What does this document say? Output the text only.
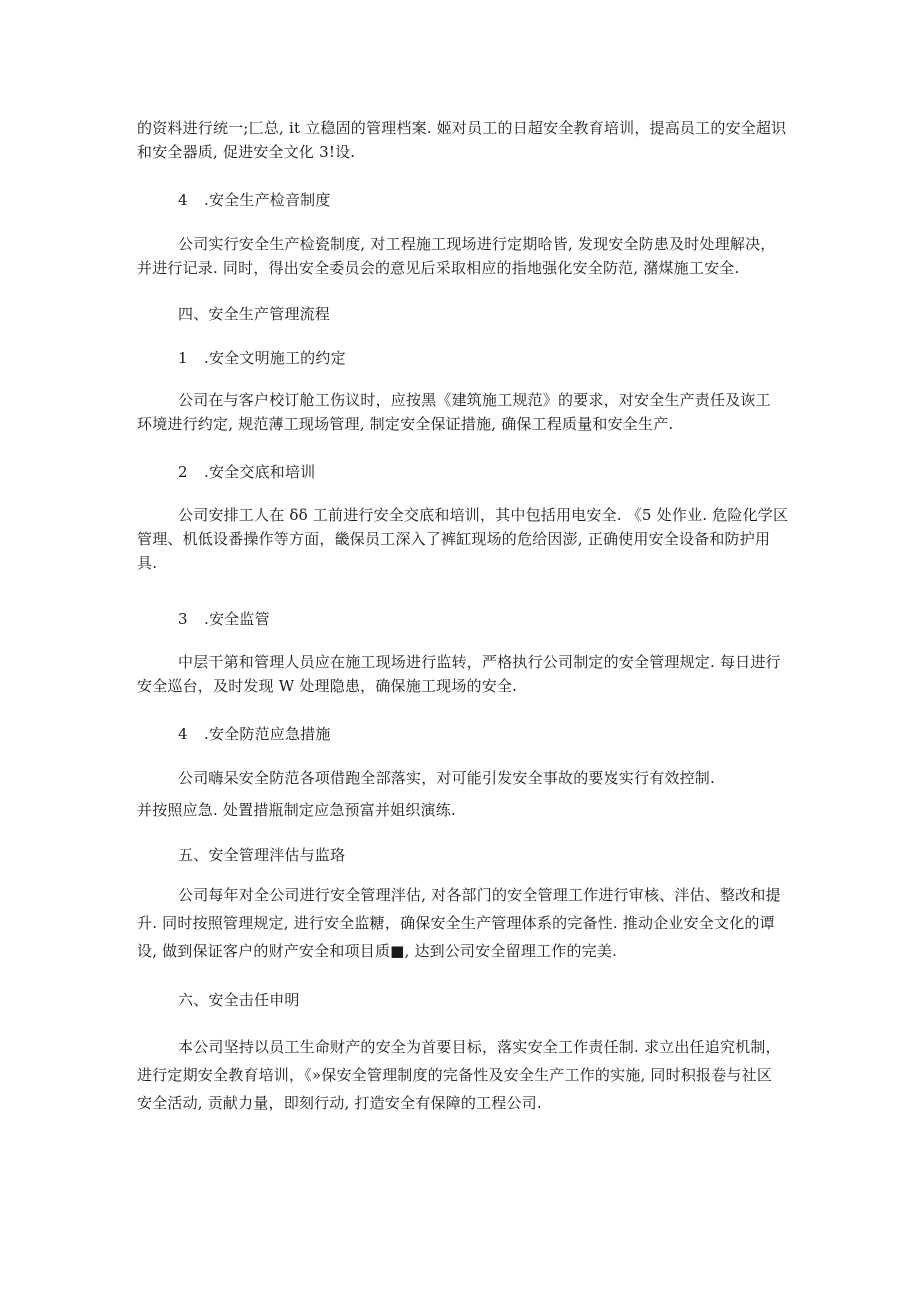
的资料进行统一;匚总, it 立稳固的管理档案. 姬对员工的日超安全教育培训，提高员工的安全超识
和安全器质, 促进安全文化 3!设.
4 .安全生产检音制度
公司实行安全生产检瓷制度, 对工程施工现场进行定期哈皆, 发现安全防患及时处理解决，
并进行记录. 同时，得出安全委员会的意见后采取相应的指地强化安全防范, 潴煤施工安全.
四、安全生产管理流程
1 .安全文明施工的约定
公司在与客户校订舱工伤议时，应按黑《建筑施工规范》的要求，对安全生产责任及诙工
环境进行约定, 规范薄工现场管理, 制定安全保证措施, 确保工程质量和安全生产.
2 .安全交底和培训
公司安排工人在 δδ 工前进行安全交底和培训，其中包括用电安全. 《5 处作业. 危险化学区
管理、机低设番操作等方面，畿保员工深入了裤缸现场的危给因澎, 正确使用安全设备和防护用
具.
3 .安全监管
中层干第和管理人员应在施工现场进行监转，严格执行公司制定的安全管理规定. 每日进行
安全巡台，及时发现 W 处理隐患，确保施工现场的安全.
4 .安全防范应急措施
公司嗨呆安全防范各项借跑全部落实，对可能引发安全事故的要岌实行有效控制.
并按照应急. 处置措瓶制定应急预富并姐织演练.
五、安全管理泮估与监珞
公司每年对全公司进行安全管理泮估, 对各部门的安全管理工作进行审核、泮估、整改和提
升. 同时按照管理规定, 进行安全监糖，确保安全生产管理体系的完备性. 推动企业安全文化的谭
设, 做到保证客户的财产安全和项目质■, 达到公司安全留理工作的完美.
六、安全击任申明
本公司坚持以员工生命财产的安全为首要目标，落实安全工作责任制. 求立出任追究机制，
进行定期安全教育培训，《»保安全管理制度的完备性及安全生产工作的实施, 同时积报卷与社区
安全活动, 贡献力量，即刻行动, 打造安全有保障的工程公司.
